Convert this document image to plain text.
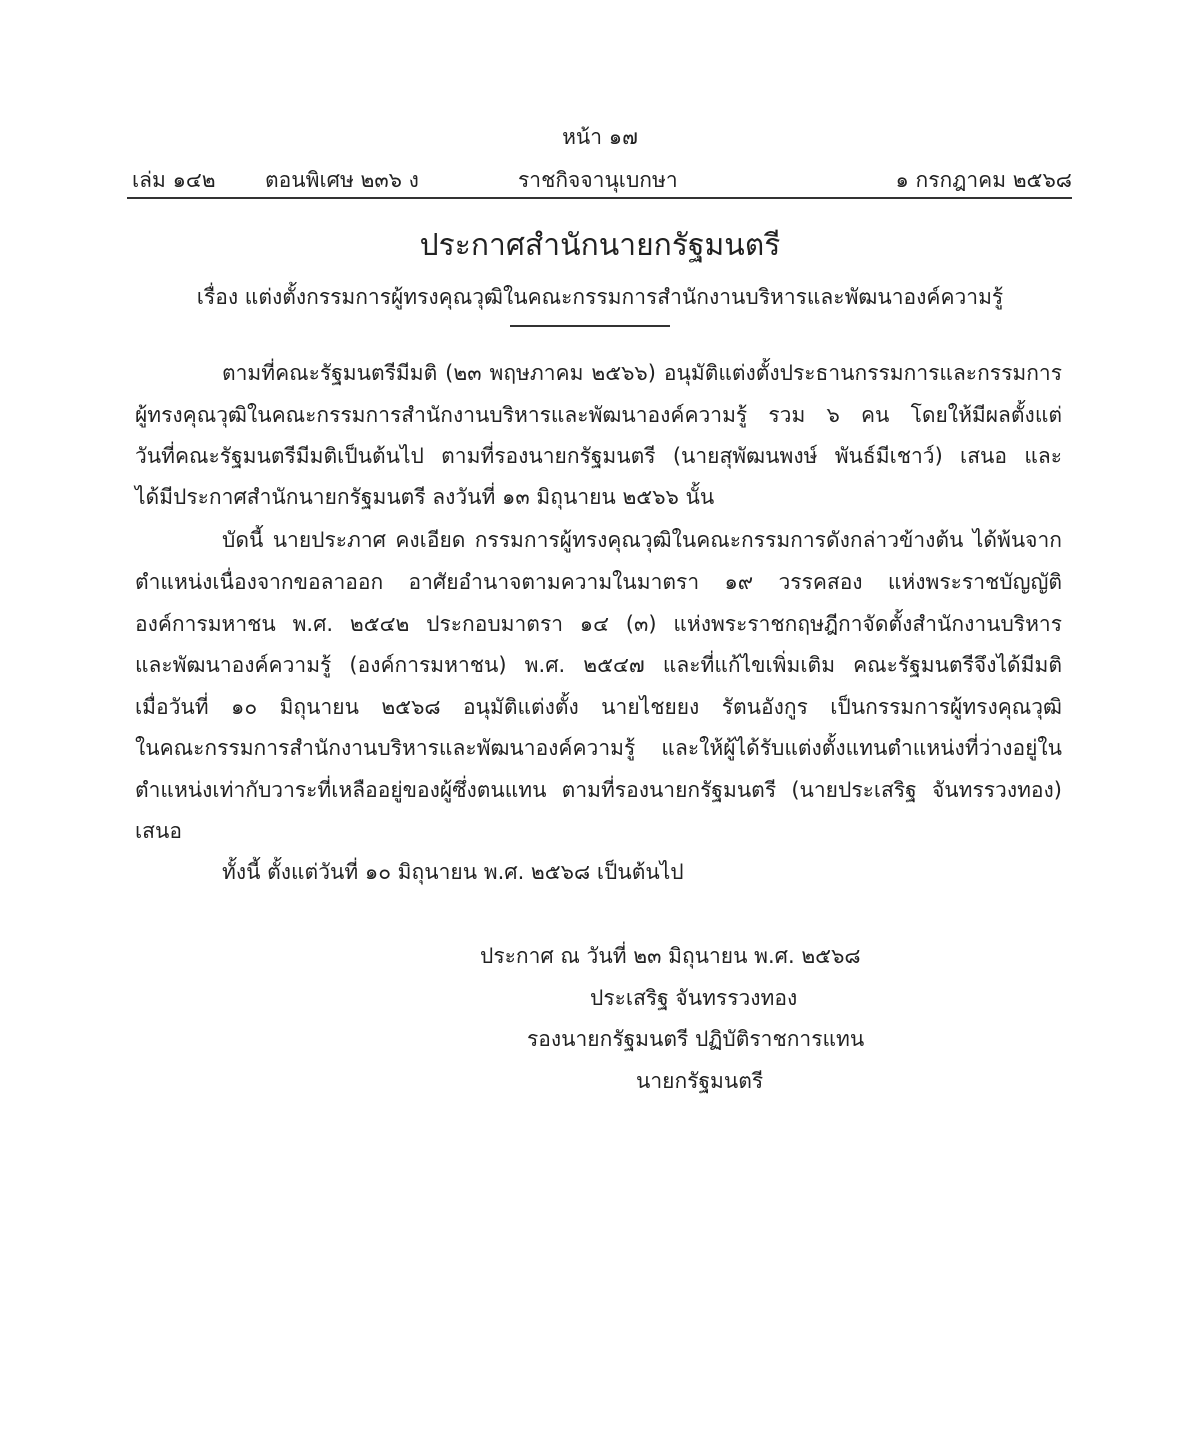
หน้า ๑๗
เล่ม ๑๔๒ ตอนพิเศษ ๒๓๖ ง	ราชกิจจานุเบกษา	๑ กรกฎาคม ๒๕๖๘
ประกาศสำนักนายกรัฐมนตรี
เรื่อง แต่งตั้งกรรมการผู้ทรงคุณวุฒิในคณะกรรมการสำนักงานบริหารและพัฒนาองค์ความรู้
ตามที่คณะรัฐมนตรีมีมติ (๒๓ พฤษภาคม ๒๕๖๖) อนุมัติแต่งตั้งประธานกรรมการและกรรมการ
ผู้ทรงคุณวุฒิในคณะกรรมการสำนักงานบริหารและพัฒนาองค์ความรู้ รวม ๖ คน โดยให้มีผลตั้งแต่
วันที่คณะรัฐมนตรีมีมติเป็นต้นไป ตามที่รองนายกรัฐมนตรี (นายสุพัฒนพงษ์ พันธ์มีเชาว์) เสนอ และ
ได้มีประกาศสำนักนายกรัฐมนตรี ลงวันที่ ๑๓ มิถุนายน ๒๕๖๖ นั้น
บัดนี้ นายประภาศ คงเอียด กรรมการผู้ทรงคุณวุฒิในคณะกรรมการดังกล่าวข้างต้น ได้พ้นจาก
ตำแหน่งเนื่องจากขอลาออก อาศัยอำนาจตามความในมาตรา ๑๙ วรรคสอง แห่งพระราชบัญญัติ
องค์การมหาชน พ.ศ. ๒๕๔๒ ประกอบมาตรา ๑๔ (๓) แห่งพระราชกฤษฎีกาจัดตั้งสำนักงานบริหาร
และพัฒนาองค์ความรู้ (องค์การมหาชน) พ.ศ. ๒๕๔๗ และที่แก้ไขเพิ่มเติม คณะรัฐมนตรีจึงได้มีมติ
เมื่อวันที่ ๑๐ มิถุนายน ๒๕๖๘ อนุมัติแต่งตั้ง นายไชยยง รัตนอังกูร เป็นกรรมการผู้ทรงคุณวุฒิ
ในคณะกรรมการสำนักงานบริหารและพัฒนาองค์ความรู้ และให้ผู้ได้รับแต่งตั้งแทนตำแหน่งที่ว่างอยู่ใน
ตำแหน่งเท่ากับวาระที่เหลืออยู่ของผู้ซึ่งตนแทน ตามที่รองนายกรัฐมนตรี (นายประเสริฐ จันทรรวงทอง)
เสนอ
ทั้งนี้ ตั้งแต่วันที่ ๑๐ มิถุนายน พ.ศ. ๒๕๖๘ เป็นต้นไป
ประกาศ ณ วันที่ ๒๓ มิถุนายน พ.ศ. ๒๕๖๘
ประเสริฐ จันทรรวงทอง
รองนายกรัฐมนตรี ปฏิบัติราชการแทน
นายกรัฐมนตรี
